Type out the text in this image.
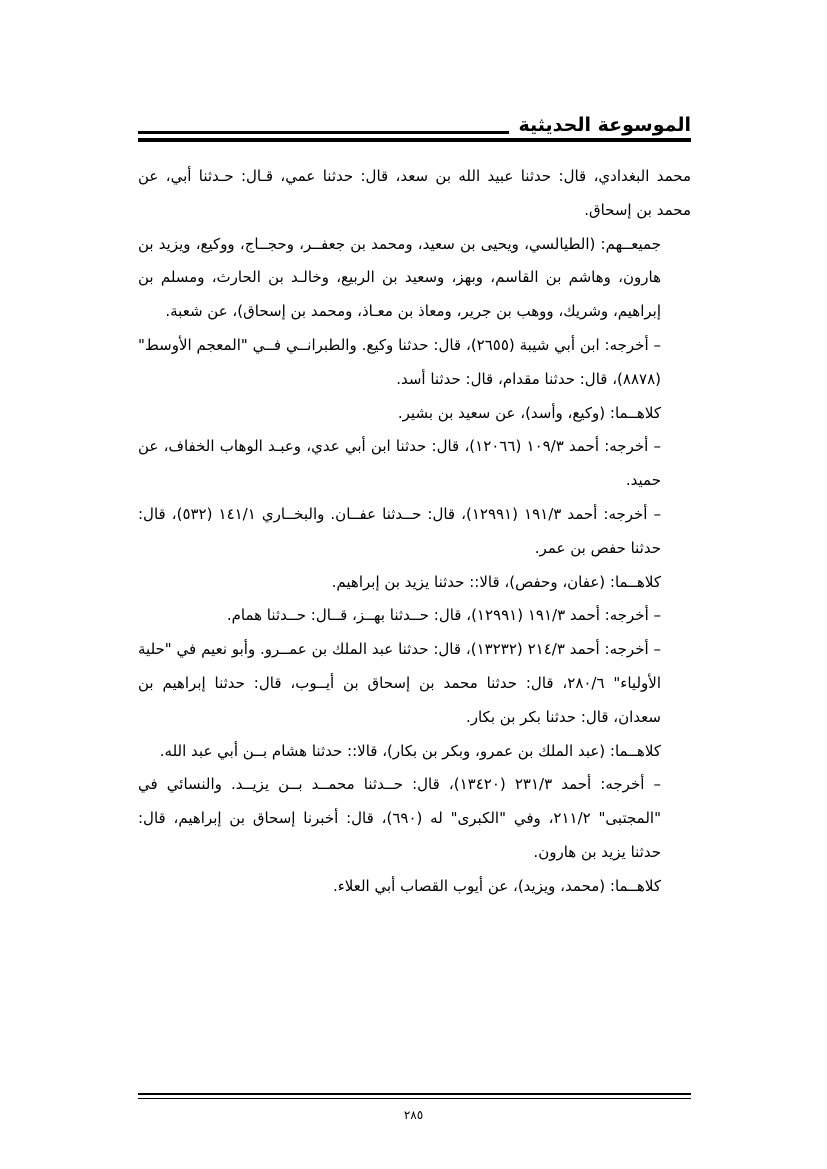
الموسوعة الحديثية

محمد البغدادي، قال: حدثنا عبيد الله بن سعد، قال: حدثنا عمي، قـال: حـدثنا أبي، عن محمد بن إسحاق.

جميعــهم: (الطيالسي، ويحيى بن سعيد، ومحمد بن جعفــر، وحجــاج، ووكيع، ويزيد بن هارون، وهاشم بن القاسم، وبهز، وسعيد بن الربيع، وخالـد بن الحارث، ومسلم بن إبراهيم، وشريك، ووهب بن جرير، ومعاذ بن معـاذ، ومحمد بن إسحاق)، عن شعبة.

– أخرجه: ابن أبي شيبة (٢٦٥٥)، قال: حدثنا وكيع. والطبرانــي فــي "المعجم الأوسط" (٨٨٧٨)، قال: حدثنا مقدام، قال: حدثنا أسد.

كلاهــما: (وكيع، وأسد)، عن سعيد بن بشير.

– أخرجه: أحمد ١٠٩/٣ (١٢٠٦٦)، قال: حدثنا ابن أبي عدي، وعبـد الوهاب الخفاف، عن حميد.

– أخرجه: أحمد ١٩١/٣ (١٢٩٩١)، قال: حــدثنا عفــان. والبخــاري ١٤١/١ (٥٣٢)، قال: حدثنا حفص بن عمر.

كلاهــما: (عفان، وحفص)، قالا:: حدثنا يزيد بن إبراهيم.

– أخرجه: أحمد ١٩١/٣ (١٢٩٩١)، قال: حــدثنا بهــز، قــال: حــدثنا همام.

– أخرجه: أحمد ٢١٤/٣ (١٣٢٣٢)، قال: حدثنا عبد الملك بن عمــرو. وأبو نعيم في "حلية الأولياء" ٢٨٠/٦، قال: حدثنا محمد بن إسحاق بن أيــوب، قال: حدثنا إبراهيم بن سعدان، قال: حدثنا بكر بن بكار.

كلاهــما: (عبد الملك بن عمرو، وبكر بن بكار)، قالا:: حدثنا هشام بــن أبي عبد الله.

– أخرجه: أحمد ٢٣١/٣ (١٣٤٢٠)، قال: حــدثنا محمــد بــن يزيــد. والنسائي في "المجتبى" ٢١١/٢، وفي "الكبرى" له (٦٩٠)، قال: أخبرنا إسحاق بن إبراهيم، قال: حدثنا يزيد بن هارون.

كلاهــما: (محمد، ويزيد)، عن أيوب القصاب أبي العلاء.

٢٨٥
